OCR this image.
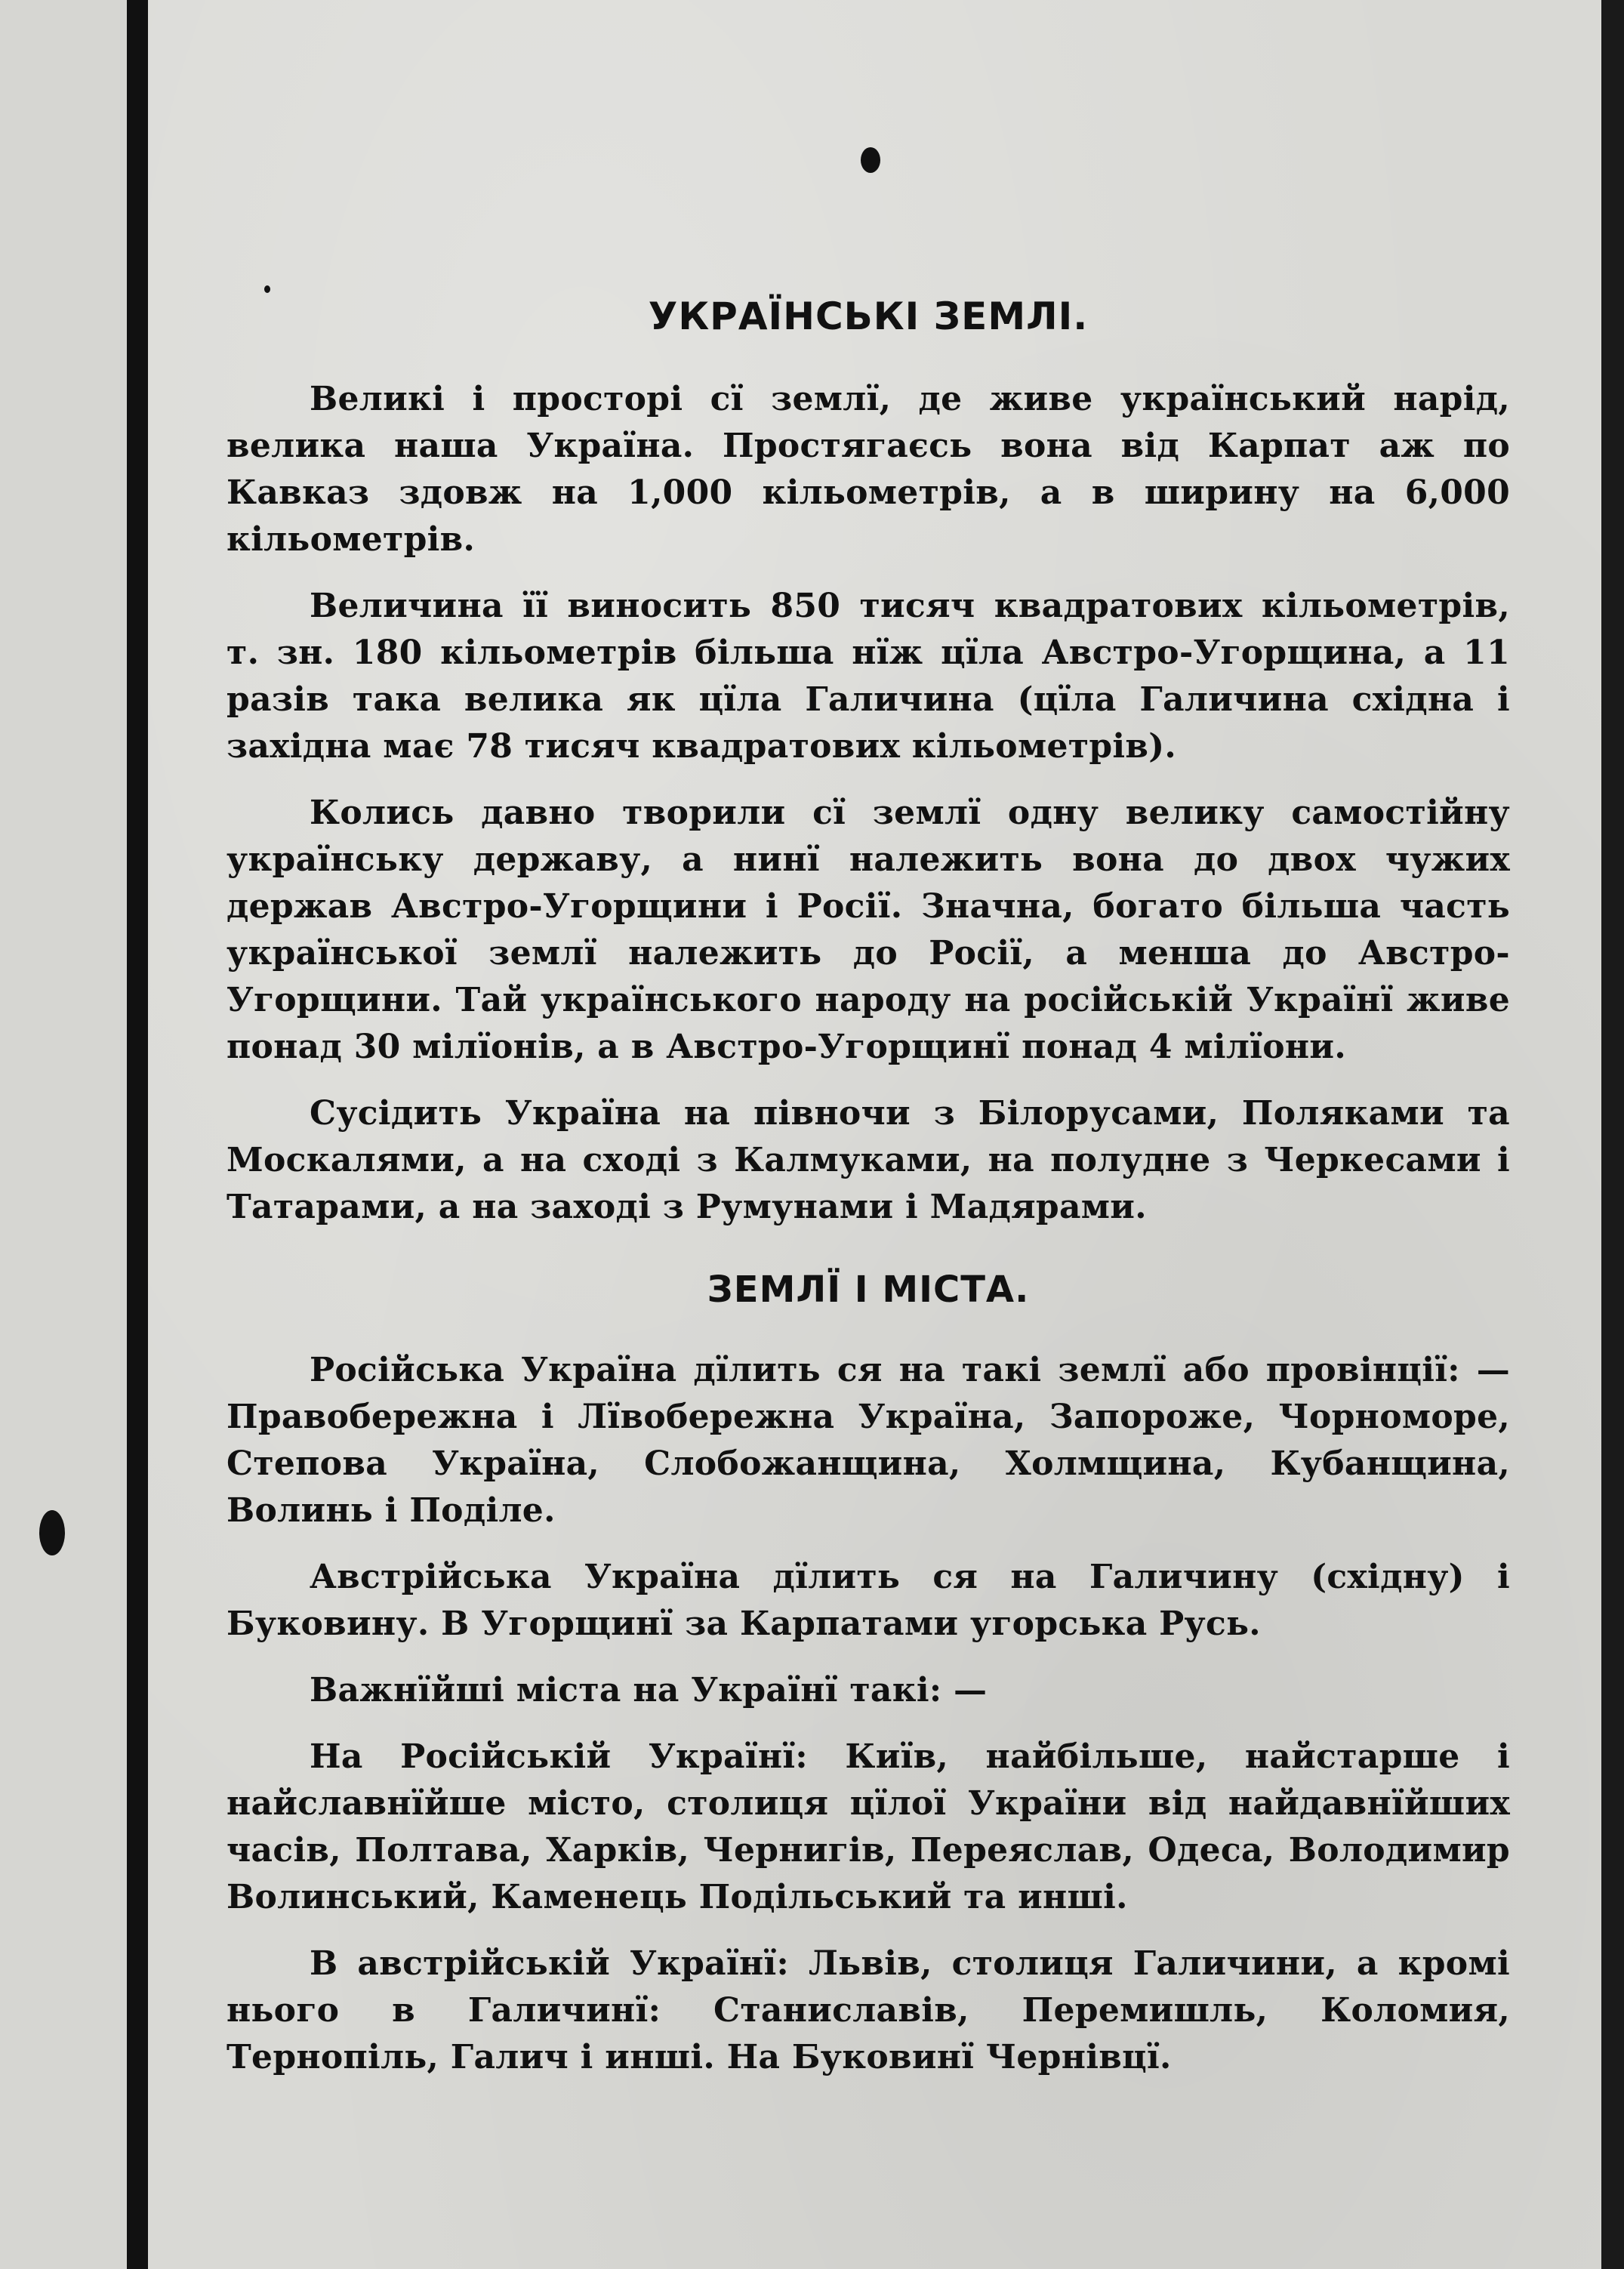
УКРАЇНСЬКІ ЗЕМЛІ.

Великі і просторі сї землї, де живе український нарід, велика наша Україна. Простягаєсь вона від Карпат аж по Кавказ здовж на 1,000 кільометрів, а в ширину на 6,000 кільометрів.

Величина її виносить 850 тисяч квадратових кільометрів, т. зн. 180 кільометрів більша нїж цїла Австро-Угорщина, а 11 разів така велика як цїла Галичина (цїла Галичина східна і західна має 78 тисяч квадратових кільометрів).

Колись давно творили сї землї одну велику самостійну українську державу, а нинї належить вона до двох чужих держав Австро-Угорщини і Росії. Значна, богато більша часть української землї належить до Росії, а менша до Австро-Угорщини. Тай українського народу на російській Українї живе понад 30 мілїонів, а в Австро-Угорщинї понад 4 мілїони.

Сусідить Україна на півночи з Білорусами, Поляками та Москалями, а на сході з Калмуками, на полудне з Черкесами і Татарами, а на заході з Румунами і Мадярами.

ЗЕМЛЇ І МІСТА.

Російська Україна дїлить ся на такі землї або провінції: — Правобережна і Лївобережна Україна, Запороже, Чорноморе, Степова Україна, Слобожанщина, Холмщина, Кубанщина, Волинь і Поділе.

Австрійська Україна дїлить ся на Галичину (східну) і Буковину. В Угорщинї за Карпатами угорська Русь.

Важнїйші міста на Українї такі: —

На Російській Українї: Київ, найбільше, найстарше і найславнїйше місто, столиця цїлої України від найдавнїйших часів, Полтава, Харків, Чернигів, Переяслав, Одеса, Володимир Волинський, Каменець Подільський та инші.

В австрійській Українї: Львів, столиця Галичини, а кромі нього в Галичинї: Станиславів, Перемишль, Коломия, Тернопіль, Галич і инші. На Буковинї Чернівцї.
